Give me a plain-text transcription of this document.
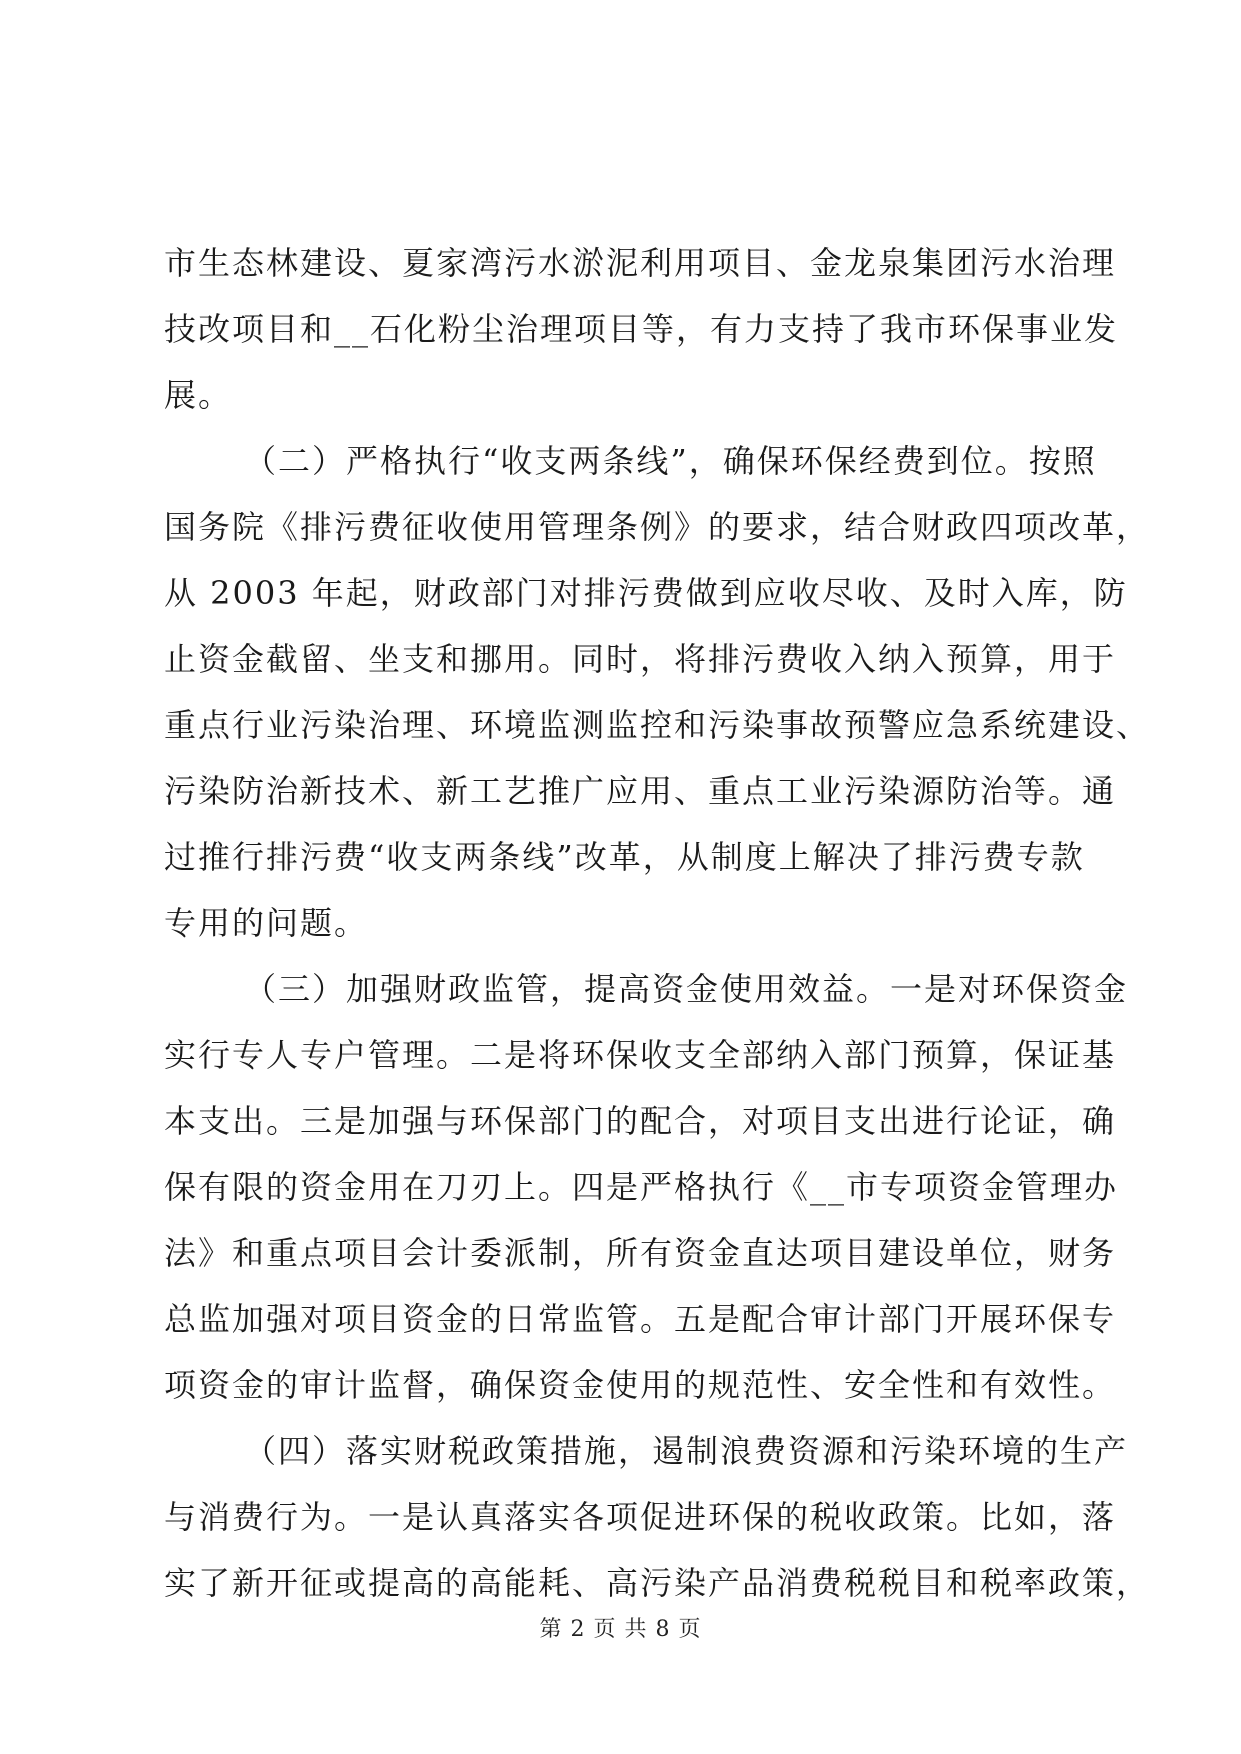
市生态林建设、夏家湾污水淤泥利用项目、金龙泉集团污水治理
技改项目和__石化粉尘治理项目等，有力支持了我市环保事业发
展。
（二）严格执行“收支两条线”，确保环保经费到位。按照
国务院《排污费征收使用管理条例》的要求，结合财政四项改革，
从 2003 年起，财政部门对排污费做到应收尽收、及时入库，防
止资金截留、坐支和挪用。同时，将排污费收入纳入预算，用于
重点行业污染治理、环境监测监控和污染事故预警应急系统建设、
污染防治新技术、新工艺推广应用、重点工业污染源防治等。通
过推行排污费“收支两条线”改革，从制度上解决了排污费专款
专用的问题。
（三）加强财政监管，提高资金使用效益。一是对环保资金
实行专人专户管理。二是将环保收支全部纳入部门预算，保证基
本支出。三是加强与环保部门的配合，对项目支出进行论证，确
保有限的资金用在刀刃上。四是严格执行《__市专项资金管理办
法》和重点项目会计委派制，所有资金直达项目建设单位，财务
总监加强对项目资金的日常监管。五是配合审计部门开展环保专
项资金的审计监督，确保资金使用的规范性、安全性和有效性。
（四）落实财税政策措施，遏制浪费资源和污染环境的生产
与消费行为。一是认真落实各项促进环保的税收政策。比如，落
实了新开征或提高的高能耗、高污染产品消费税税目和税率政策，
第 2 页 共 8 页
